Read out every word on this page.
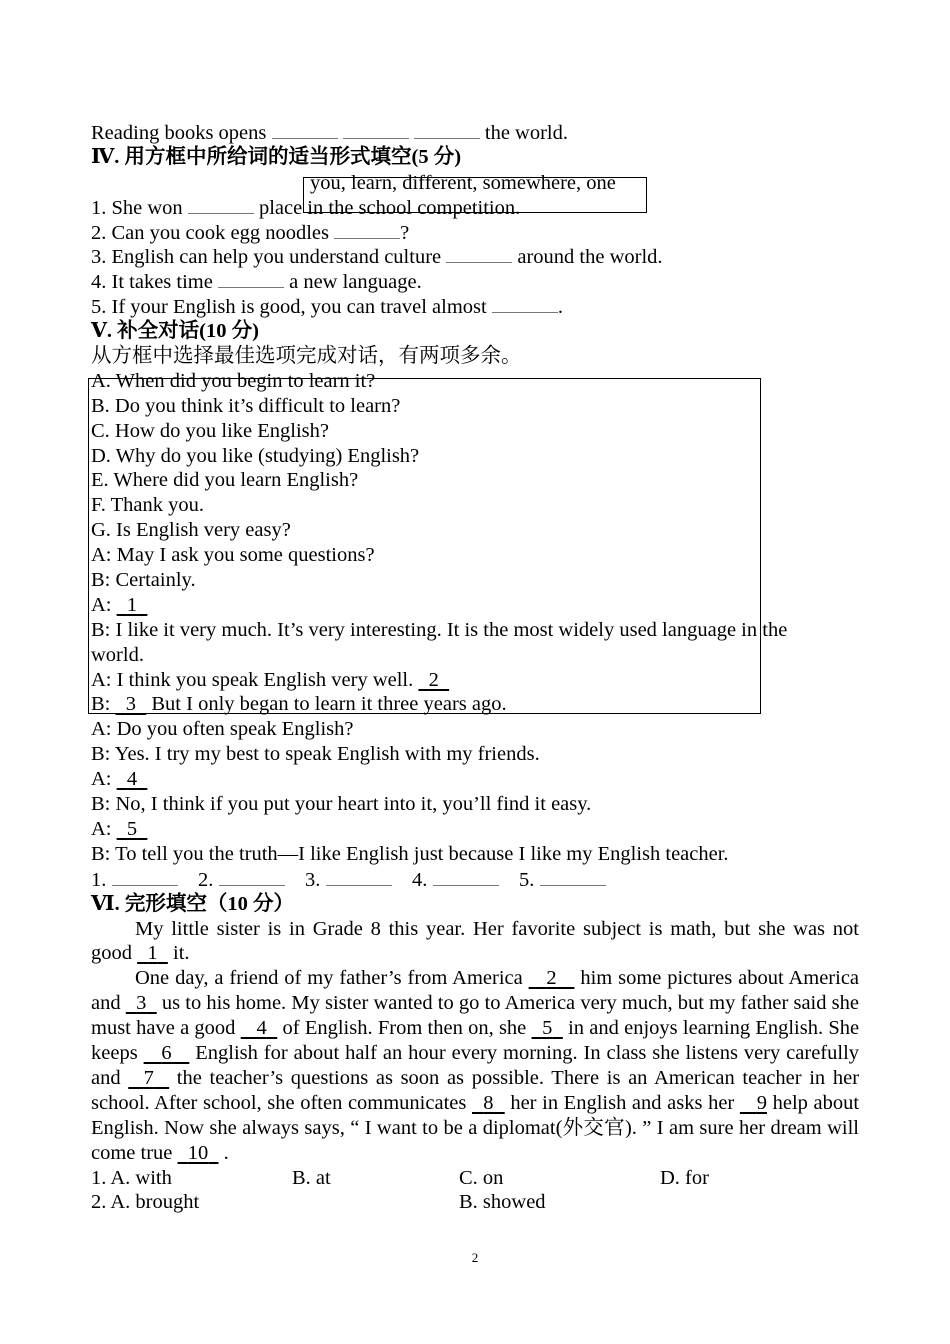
you, learn, different, somewhere, one
Reading books opens	the world.
Ⅳ. 用方框中所给词的适当形式填空(5 分)
1. She won	place in the school competition.
2. Can you cook egg noodles	?
3. English can help you understand culture	around the world.
4. It takes time	a new language.
5. If your English is good, you can travel almost	.
Ⅴ. 补全对话(10 分)
从方框中选择最佳选项完成对话，有两项多余。
A. When did you begin to learn it?
B. Do you think it’s difficult to learn?
C. How do you like English?
D. Why do you like (studying) English?
E. Where did you learn English?
F. Thank you.
G. Is English very easy?
A: May I ask you some questions?
B: Certainly.
A: 1
B: I like it very much. It’s very interesting. It is the most widely used language in the
world.
A: I think you speak English very well. 2
B: 3 But I only began to learn it three years ago.
A: Do you often speak English?
B: Yes. I try my best to speak English with my friends.
A: 4
B: No, I think if you put your heart into it, you’ll find it easy.
A: 5
B: To tell you the truth—I like English just because I like my English teacher.
1.	2.	3.	4.	5.
Ⅵ. 完形填空（10 分）
My little sister is in Grade 8 this year. Her favorite subject is math, but she was not good 1 it.
One day, a friend of my father’s from America 2 him some pictures about America and 3 us to his home. My sister wanted to go to America very much, but my father said she must have a good 4 of English. From then on, she 5 in and enjoys learning English. She keeps 6 English for about half an hour every morning. In class she listens very carefully and 7 the teacher’s questions as soon as possible. There is an American teacher in her school. After school, she often communicates 8 her in English and asks her 9 help about English. Now she always says, “ I want to be a diplomat(外交官). ” I am sure her dream will come true 10 .
1. A. with	B. at	C. on	D. for
2. A. brought	B. showed
2
